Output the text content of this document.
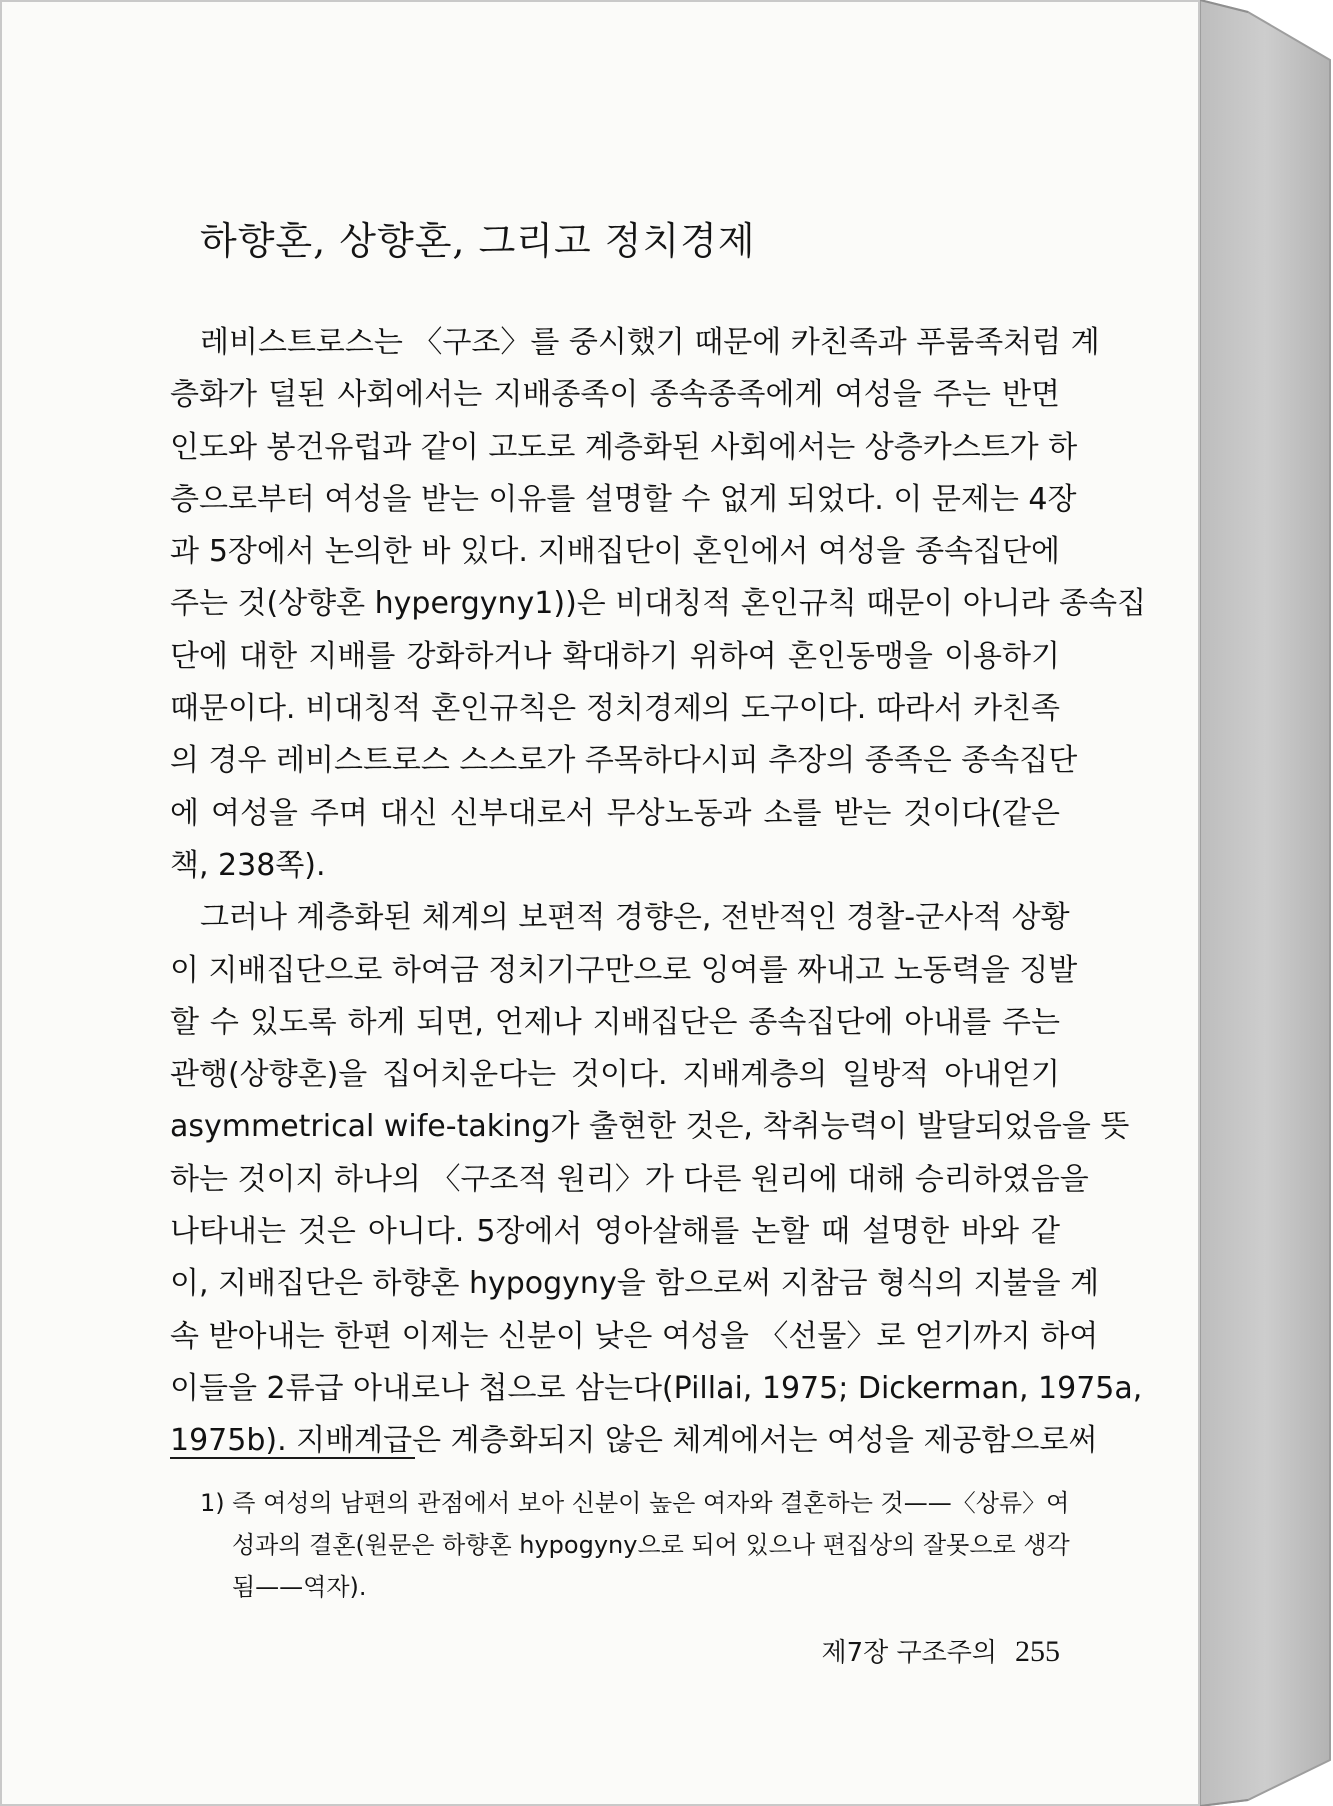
하향혼, 상향혼, 그리고 정치경제
레비스트로스는 〈구조〉를 중시했기 때문에 카친족과 푸룸족처럼 계
층화가 덜된 사회에서는 지배종족이 종속종족에게 여성을 주는 반면
인도와 봉건유럽과 같이 고도로 계층화된 사회에서는 상층카스트가 하
층으로부터 여성을 받는 이유를 설명할 수 없게 되었다. 이 문제는 4장
과 5장에서 논의한 바 있다. 지배집단이 혼인에서 여성을 종속집단에
주는 것(상향혼 hypergyny1))은 비대칭적 혼인규칙 때문이 아니라 종속집
단에 대한 지배를 강화하거나 확대하기 위하여 혼인동맹을 이용하기
때문이다. 비대칭적 혼인규칙은 정치경제의 도구이다. 따라서 카친족
의 경우 레비스트로스 스스로가 주목하다시피 추장의 종족은 종속집단
에 여성을 주며 대신 신부대로서 무상노동과 소를 받는 것이다(같은
책, 238쪽).
그러나 계층화된 체계의 보편적 경향은, 전반적인 경찰-군사적 상황
이 지배집단으로 하여금 정치기구만으로 잉여를 짜내고 노동력을 징발
할 수 있도록 하게 되면, 언제나 지배집단은 종속집단에 아내를 주는
관행(상향혼)을 집어치운다는 것이다. 지배계층의 일방적 아내얻기
asymmetrical wife-taking가 출현한 것은, 착취능력이 발달되었음을 뜻
하는 것이지 하나의 〈구조적 원리〉가 다른 원리에 대해 승리하였음을
나타내는 것은 아니다. 5장에서 영아살해를 논할 때 설명한 바와 같
이, 지배집단은 하향혼 hypogyny을 함으로써 지참금 형식의 지불을 계
속 받아내는 한편 이제는 신분이 낮은 여성을 〈선물〉로 얻기까지 하여
이들을 2류급 아내로나 첩으로 삼는다(Pillai, 1975; Dickerman, 1975a,
1975b). 지배계급은 계층화되지 않은 체계에서는 여성을 제공함으로써
1) 즉 여성의 남편의 관점에서 보아 신분이 높은 여자와 결혼하는 것——〈상류〉여
성과의 결혼(원문은 하향혼 hypogyny으로 되어 있으나 편집상의 잘못으로 생각
됨——역자).
제7장 구조주의 255
